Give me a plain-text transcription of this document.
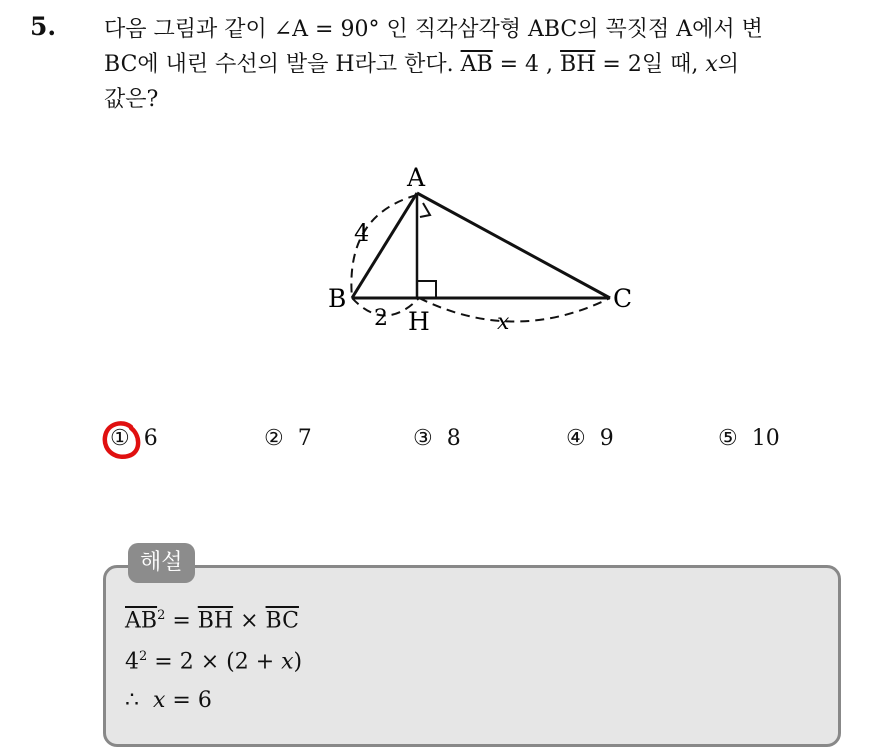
5. 다음 그림과 같이 ∠A = 90° 인 직각삼각형 ABC의 꼭짓점 A에서 변
BC에 내린 수선의 발을 H라고 한다. $\overline{AB} = 4$ , $\overline{BH} = 2$일 때, x의
값은?
A
B	C
H
4
2	x
① 6	② 7	③ 8	④ 9	⑤ 10
해설
$\overline{AB}^2 = \overline{BH} \times \overline{BC}$
$4^2 = 2 \times (2 + x)$
∴  x = 6
